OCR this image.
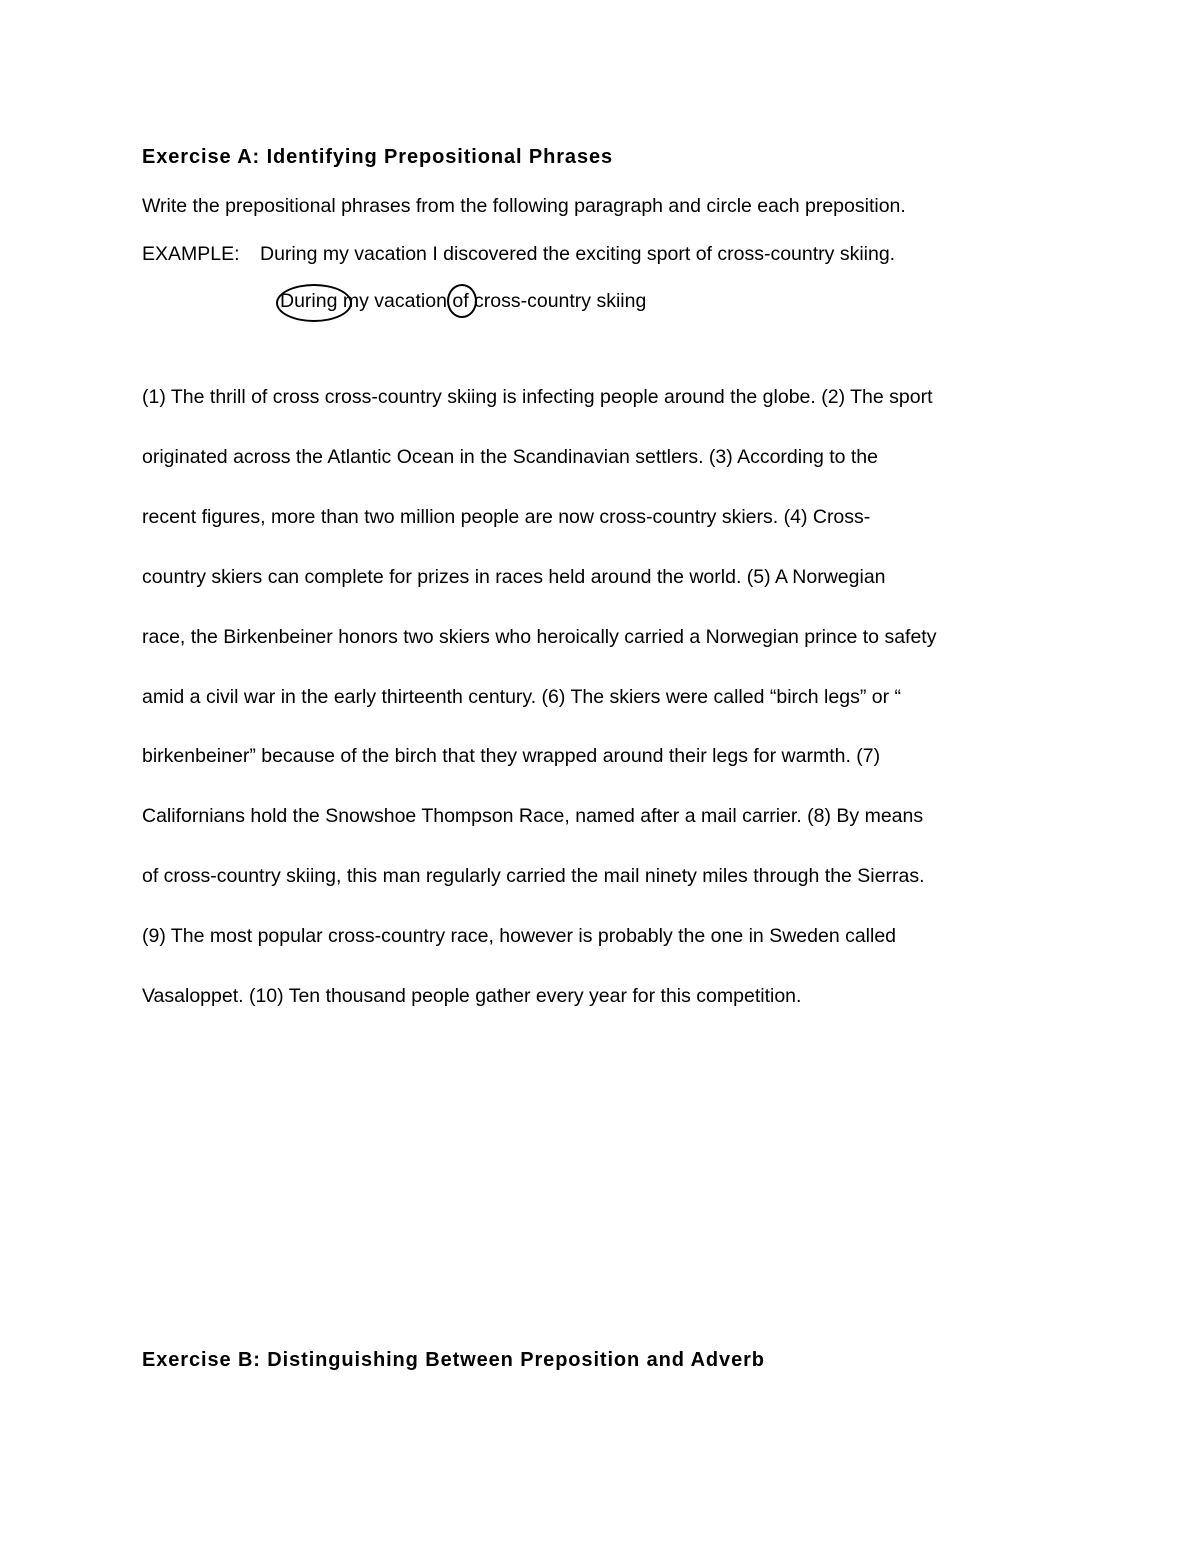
Exercise A: Identifying Prepositional Phrases
Write the prepositional phrases from the following paragraph and circle each preposition.
EXAMPLE: During my vacation I discovered the exciting sport of cross-country skiing.
During
my vacation of
cross-country skiing
(1) The thrill of cross cross-country skiing is infecting people around the globe. (2) The sport
originated across the Atlantic Ocean in the Scandinavian settlers. (3) According to the
recent figures, more than two million people are now cross-country skiers. (4) Cross-
country skiers can complete for prizes in races held around the world. (5) A Norwegian
race, the Birkenbeiner honors two skiers who heroically carried a Norwegian prince to safety
amid a civil war in the early thirteenth century. (6) The skiers were called “birch legs” or “
birkenbeiner” because of the birch that they wrapped around their legs for warmth. (7)
Californians hold the Snowshoe Thompson Race, named after a mail carrier. (8) By means
of cross-country skiing, this man regularly carried the mail ninety miles through the Sierras.
(9) The most popular cross-country race, however is probably the one in Sweden called
Vasaloppet. (10) Ten thousand people gather every year for this competition.
Exercise B: Distinguishing Between Preposition and Adverb
